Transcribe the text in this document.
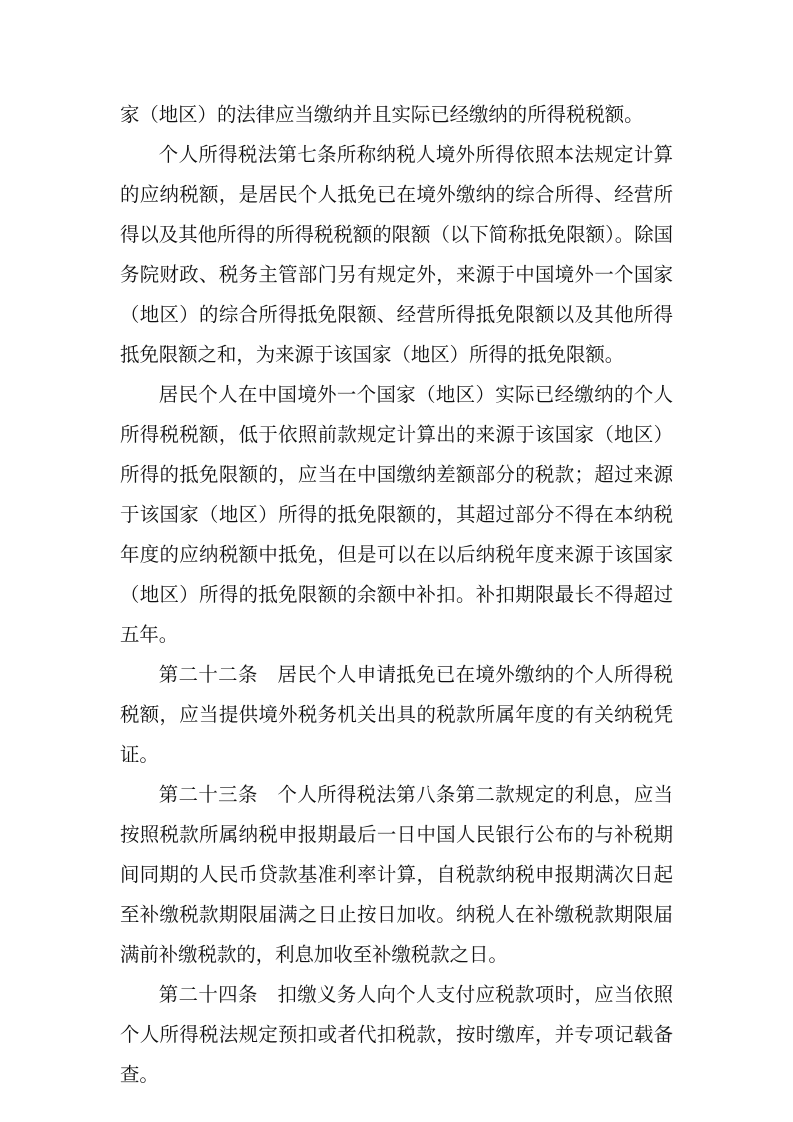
家（地区）的法律应当缴纳并且实际已经缴纳的所得税税额。

个人所得税法第七条所称纳税人境外所得依照本法规定计算的应纳税额，是居民个人抵免已在境外缴纳的综合所得、经营所得以及其他所得的所得税税额的限额（以下简称抵免限额）。除国务院财政、税务主管部门另有规定外，来源于中国境外一个国家（地区）的综合所得抵免限额、经营所得抵免限额以及其他所得抵免限额之和，为来源于该国家（地区）所得的抵免限额。

居民个人在中国境外一个国家（地区）实际已经缴纳的个人所得税税额，低于依照前款规定计算出的来源于该国家（地区）所得的抵免限额的，应当在中国缴纳差额部分的税款；超过来源于该国家（地区）所得的抵免限额的，其超过部分不得在本纳税年度的应纳税额中抵免，但是可以在以后纳税年度来源于该国家（地区）所得的抵免限额的余额中补扣。补扣期限最长不得超过五年。

第二十二条　居民个人申请抵免已在境外缴纳的个人所得税税额，应当提供境外税务机关出具的税款所属年度的有关纳税凭证。

第二十三条　个人所得税法第八条第二款规定的利息，应当按照税款所属纳税申报期最后一日中国人民银行公布的与补税期间同期的人民币贷款基准利率计算，自税款纳税申报期满次日起至补缴税款期限届满之日止按日加收。纳税人在补缴税款期限届满前补缴税款的，利息加收至补缴税款之日。

第二十四条　扣缴义务人向个人支付应税款项时，应当依照个人所得税法规定预扣或者代扣税款，按时缴库，并专项记载备查。
